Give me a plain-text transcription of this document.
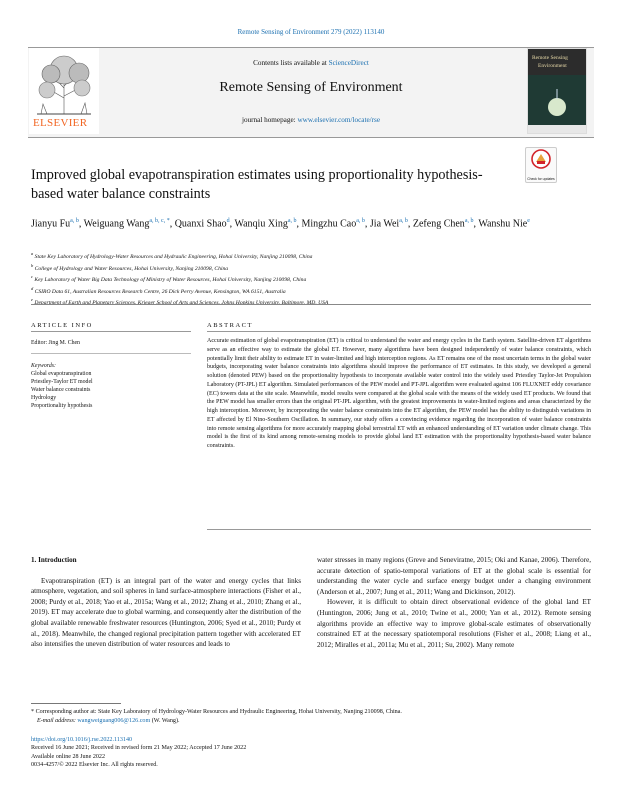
Remote Sensing of Environment 279 (2022) 113140
ELSEVIER
Contents lists available at ScienceDirect
Remote Sensing of Environment
journal homepage: www.elsevier.com/locate/rse
Remote Sensing
Environment
Improved global evapotranspiration estimates using proportionality hypothesis-based water balance constraints
Check for updates
Jianyu Fu$^{a, b}$, Weiguang Wang$^{a, b, c, *}$, Quanxi Shao$^d$, Wanqiu Xing$^{a, b}$, Mingzhu Cao$^{a, b}$, Jia Wei$^{a, b}$, Zefeng Chen$^{a, b}$, Wanshu Nie$^e$
$^a$ State Key Laboratory of Hydrology-Water Resources and Hydraulic Engineering, Hohai University, Nanjing 210098, China
$^b$ College of Hydrology and Water Resources, Hohai University, Nanjing 210098, China
$^c$ Key Laboratory of Water Big Data Technology of Ministry of Water Resources, Hohai University, Nanjing 210098, China
$^d$ CSIRO Data 61, Australian Resources Research Centre, 26 Dick Perry Avenue, Kensington, WA 6151, Australia
$^e$
ARTICLE INFO
Editor: Jing M. Chen
Keywords:
Global evapotranspiration
Priestley-Taylor ET model
Water balance constraints
Hydrology
Proportionality hypothesis
ABSTRACT
Accurate estimation of global evapotranspiration (ET) is critical to understand the water and energy cycles in the Earth system. Satellite-driven ET algorithms serve as an effective way to estimate the global ET. However, many algorithms have been designed independently of water balance constraints, which potentially limit their ability to estimate ET in water-limited and high interception regions. As ET remains one of the most uncertain terms in the global water budgets, incorporating water balance constraints into algorithms should improve the performance of ET estimates. In this study, we developed a general solution (denoted PEW) based on the proportionality hypothesis to incorporate available water control into the widely used Priestley Taylor-Jet Propulsion Laboratory (PT-JPL) ET algorithm. Simulated performances of the PEW model and PT-JPL algorithm were evaluated against 106 FLUXNET eddy covariance (EC) towers data at the site scale. Meanwhile, model results were compared at the global scale with the means of the widely used ET products. We found that the PEW model has smaller errors than the original PT-JPL algorithm, with the greatest improvements in water-limited regions and areas characterized by the high interception. Moreover, by incorporating the water balance constraints into the ET algorithm, the PEW model has the ability to distinguish variations in ET affected by El Nino-Southern Oscillation. In summary, our study offers a convincing evidence regarding the incorporation of water balance constraints into remote sensing algorithms for more accurately mapping global terrestrial ET with an enhanced understanding of ET variation under climate change. This model is the first of its kind among remote-sensing models to provide global land ET estimation with the proportionality hypothesis-based water balance constraints.
1. Introduction

Evapotranspiration (ET) is an integral part of the water and energy cycles that links atmosphere, vegetation, and soil spheres in land surface-atmosphere interactions (Fisher et al., 2008; Purdy et al., 2018; Yao et al., 2015a; Wang et al., 2012; Zhang et al., 2010; Zhang et al., 2019). ET may accelerate due to global warming, and consequently alter the distribution of the global available renewable freshwater resources (Huntington, 2006; Syed et al., 2010; Purdy et al., 2018). Meanwhile, the changed regional precipitation pattern together with accelerated ET also intensifies the uneven distribution of water resources and leads to

water stresses in many regions (Greve and Seneviratne, 2015; Oki and Kanae, 2006). Therefore, accurate detection of spatio-temporal variations of ET at the global scale is essential for understanding the water cycle and surface energy budget under a changing environment (Anderson et al., 2007; Jung et al., 2011; Wang and Dickinson, 2012).

However, it is difficult to obtain direct observational evidence of the global land ET (Huntington, 2006; Jung et al., 2010; Twine et al., 2000; Yan et al., 2012). Remote sensing algorithms provide an effective way to improve global-scale estimates of observationally constrained ET at the necessary spatiotemporal resolutions (Fisher et al., 2008; Liang et al., 2012; Miralles et al., 2011a; Mu et al., 2011; Su, 2002). Many remote

* Corresponding author at: State Key Laboratory of Hydrology-Water Resources and Hydraulic Engineering, Hohai University, Nanjing 210098, China.
E-mail address: wangweiguang006@126.com (W. Wang).
https://doi.org/10.1016/j.rse.2022.113140
Received 16 June 2021; Received in revised form 21 May 2022; Accepted 17 June 2022
Available online 28 June 2022
0034-4257/© 2022 Elsevier Inc. All rights reserved.
